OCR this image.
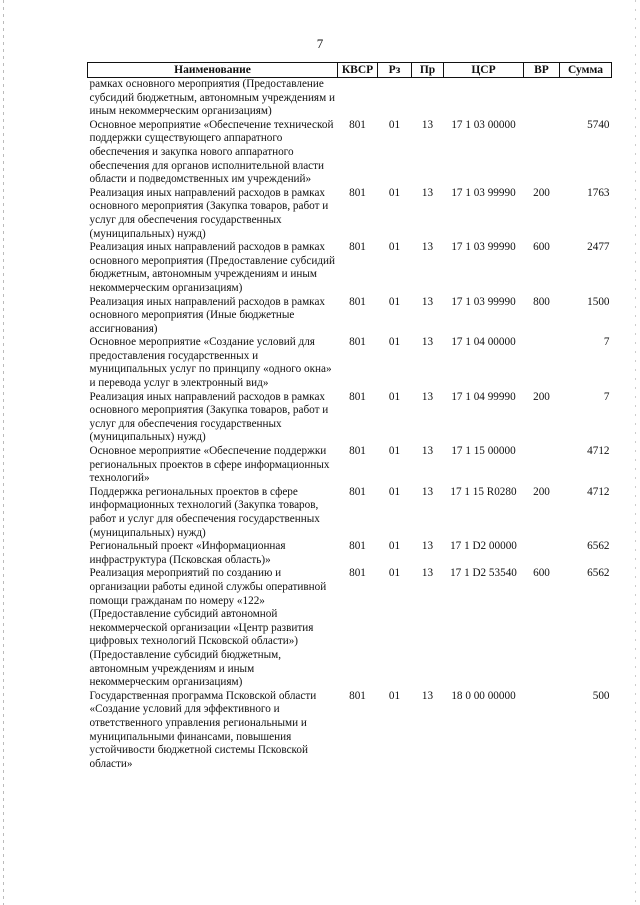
7
Наименование	КВСР	Рз	Пр	ЦСР	ВР	Сумма
рамках основного мероприятия (Предоставление субсидий бюджетным, автономным учреждениям и иным некоммерческим организациям)						
Основное мероприятие «Обеспечение технической поддержки существующего аппаратного обеспечения и закупка нового аппаратного обеспечения для органов исполнительной власти области и подведомственных им учреждений»	801	01	13	17 1 03 00000		5740
Реализация иных направлений расходов в рамках основного мероприятия (Закупка товаров, работ и услуг для обеспечения государственных (муниципальных) нужд)	801	01	13	17 1 03 99990	200	1763
Реализация иных направлений расходов в рамках основного мероприятия (Предоставление субсидий бюджетным, автономным учреждениям и иным некоммерческим организациям)	801	01	13	17 1 03 99990	600	2477
Реализация иных направлений расходов в рамках основного мероприятия (Иные бюджетные ассигнования)	801	01	13	17 1 03 99990	800	1500
Основное мероприятие «Создание условий для предоставления государственных и муниципальных услуг по принципу «одного окна» и перевода услуг в электронный вид»	801	01	13	17 1 04 00000		7
Реализация иных направлений расходов в рамках основного мероприятия (Закупка товаров, работ и услуг для обеспечения государственных (муниципальных) нужд)	801	01	13	17 1 04 99990	200	7
Основное мероприятие «Обеспечение поддержки региональных проектов в сфере информационных технологий»	801	01	13	17 1 15 00000		4712
Поддержка региональных проектов в сфере информационных технологий (Закупка товаров, работ и услуг для обеспечения государственных (муниципальных) нужд)	801	01	13	17 1 15 R0280	200	4712
Региональный проект «Информационная инфраструктура (Псковская область)»	801	01	13	17 1 D2 00000		6562
Реализация мероприятий по созданию и организации работы единой службы оперативной помощи гражданам по номеру «122» (Предоставление субсидий автономной некоммерческой организации «Центр развития цифровых технологий Псковской области») (Предоставление субсидий бюджетным, автономным учреждениям и иным некоммерческим организациям)	801	01	13	17 1 D2 53540	600	6562
Государственная программа Псковской области «Создание условий для эффективного и ответственного управления региональными и муниципальными финансами, повышения устойчивости бюджетной системы Псковской области»	801	01	13	18 0 00 00000		500
